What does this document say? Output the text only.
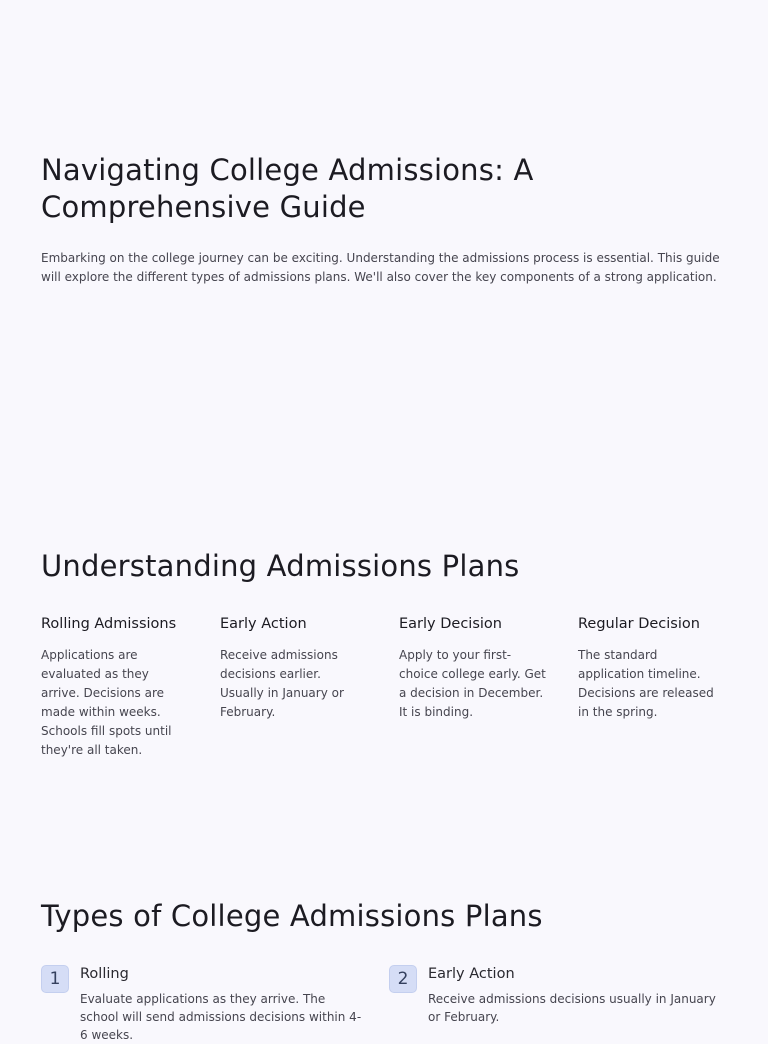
Navigating College Admissions: A Comprehensive Guide

Embarking on the college journey can be exciting. Understanding the admissions process is essential. This guide will explore the different types of admissions plans. We'll also cover the key components of a strong application.

Understanding Admissions Plans
Rolling Admissions

Applications are evaluated as they arrive. Decisions are made within weeks. Schools fill spots until they're all taken.

Early Action

Receive admissions decisions earlier. Usually in January or February.

Early Decision

Apply to your first-choice college early. Get a decision in December. It is binding.

Regular Decision

The standard application timeline. Decisions are released in the spring.

Types of College Admissions Plans
1	Rolling

Evaluate applications as they arrive. The school will send admissions decisions within 4-6 weeks.

2	Early Action

Receive admissions decisions usually in January or February.
